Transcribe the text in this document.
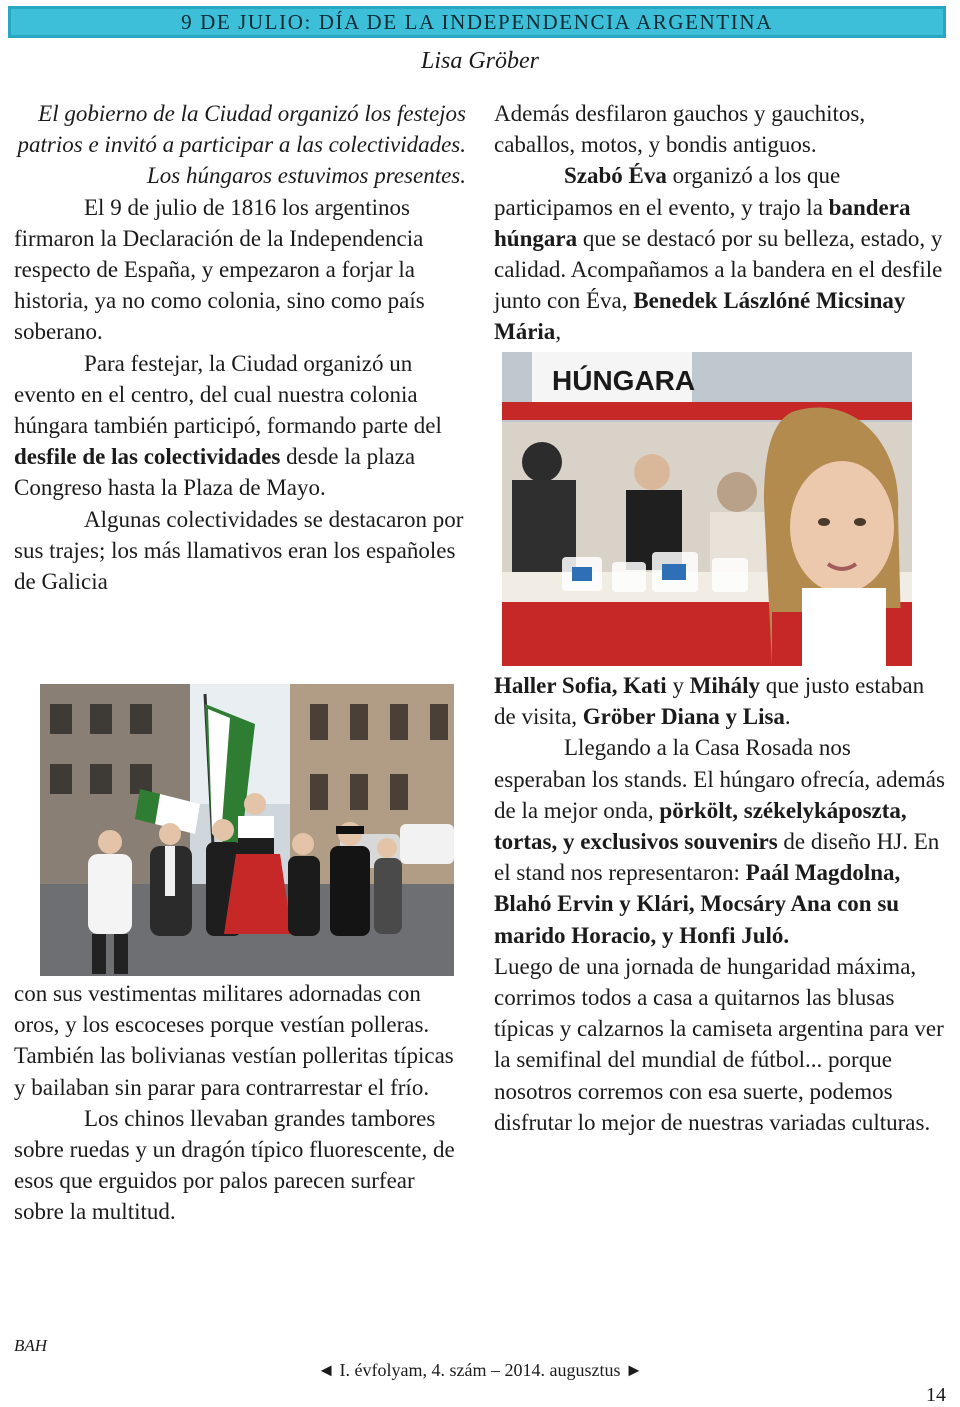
9 DE JULIO: DÍA DE LA INDEPENDENCIA ARGENTINA
Lisa Gröber

El gobierno de la Ciudad organizó los festejos patrios e invitó a participar a las colectividades. Los húngaros estuvimos presentes.

El 9 de julio de 1816 los argentinos firmaron la Declaración de la Independencia respecto de España, y empezaron a forjar la historia, ya no como colonia, sino como país soberano.

Para festejar, la Ciudad organizó un evento en el centro, del cual nuestra colonia húngara también participó, formando parte del desfile de las colectividades desde la plaza Congreso hasta la Plaza de Mayo.

Algunas colectividades se destacaron por sus trajes; los más llamativos eran los españoles de Galicia

con sus vestimentas militares adornadas con oros, y los escoceses porque vestían polleras. También las bolivianas vestían polleritas típicas y bailaban sin parar para contrarrestar el frío.

Los chinos llevaban grandes tambores sobre ruedas y un dragón típico fluorescente, de esos que erguidos por palos parecen surfear sobre la multitud.

Además desfilaron gauchos y gauchitos, caballos, motos, y bondis antiguos.

Szabó Éva organizó a los que participamos en el evento, y trajo la bandera húngara que se destacó por su belleza, estado, y calidad. Acompañamos a la bandera en el desfile junto con Éva, Benedek Lászlóné Micsinay Mária,

HÚNGARA

Haller Sofia, Kati y Mihály que justo estaban de visita, Gröber Diana y Lisa.

Llegando a la Casa Rosada nos esperaban los stands. El húngaro ofrecía, además de la mejor onda, pörkölt, székelykáposzta, tortas, y exclusivos souvenirs de diseño HJ. En el stand nos representaron: Paál Magdolna, Blahó Ervin y Klári, Mocsáry Ana con su marido Horacio, y Honfi Juló.

Luego de una jornada de hungaridad máxima, corrimos todos a casa a quitarnos las blusas típicas y calzarnos la camiseta argentina para ver la semifinal del mundial de fútbol... porque nosotros corremos con esa suerte, podemos disfrutar lo mejor de nuestras variadas culturas.

BAH
◄ I. évfolyam, 4. szám – 2014. augusztus ►
14
